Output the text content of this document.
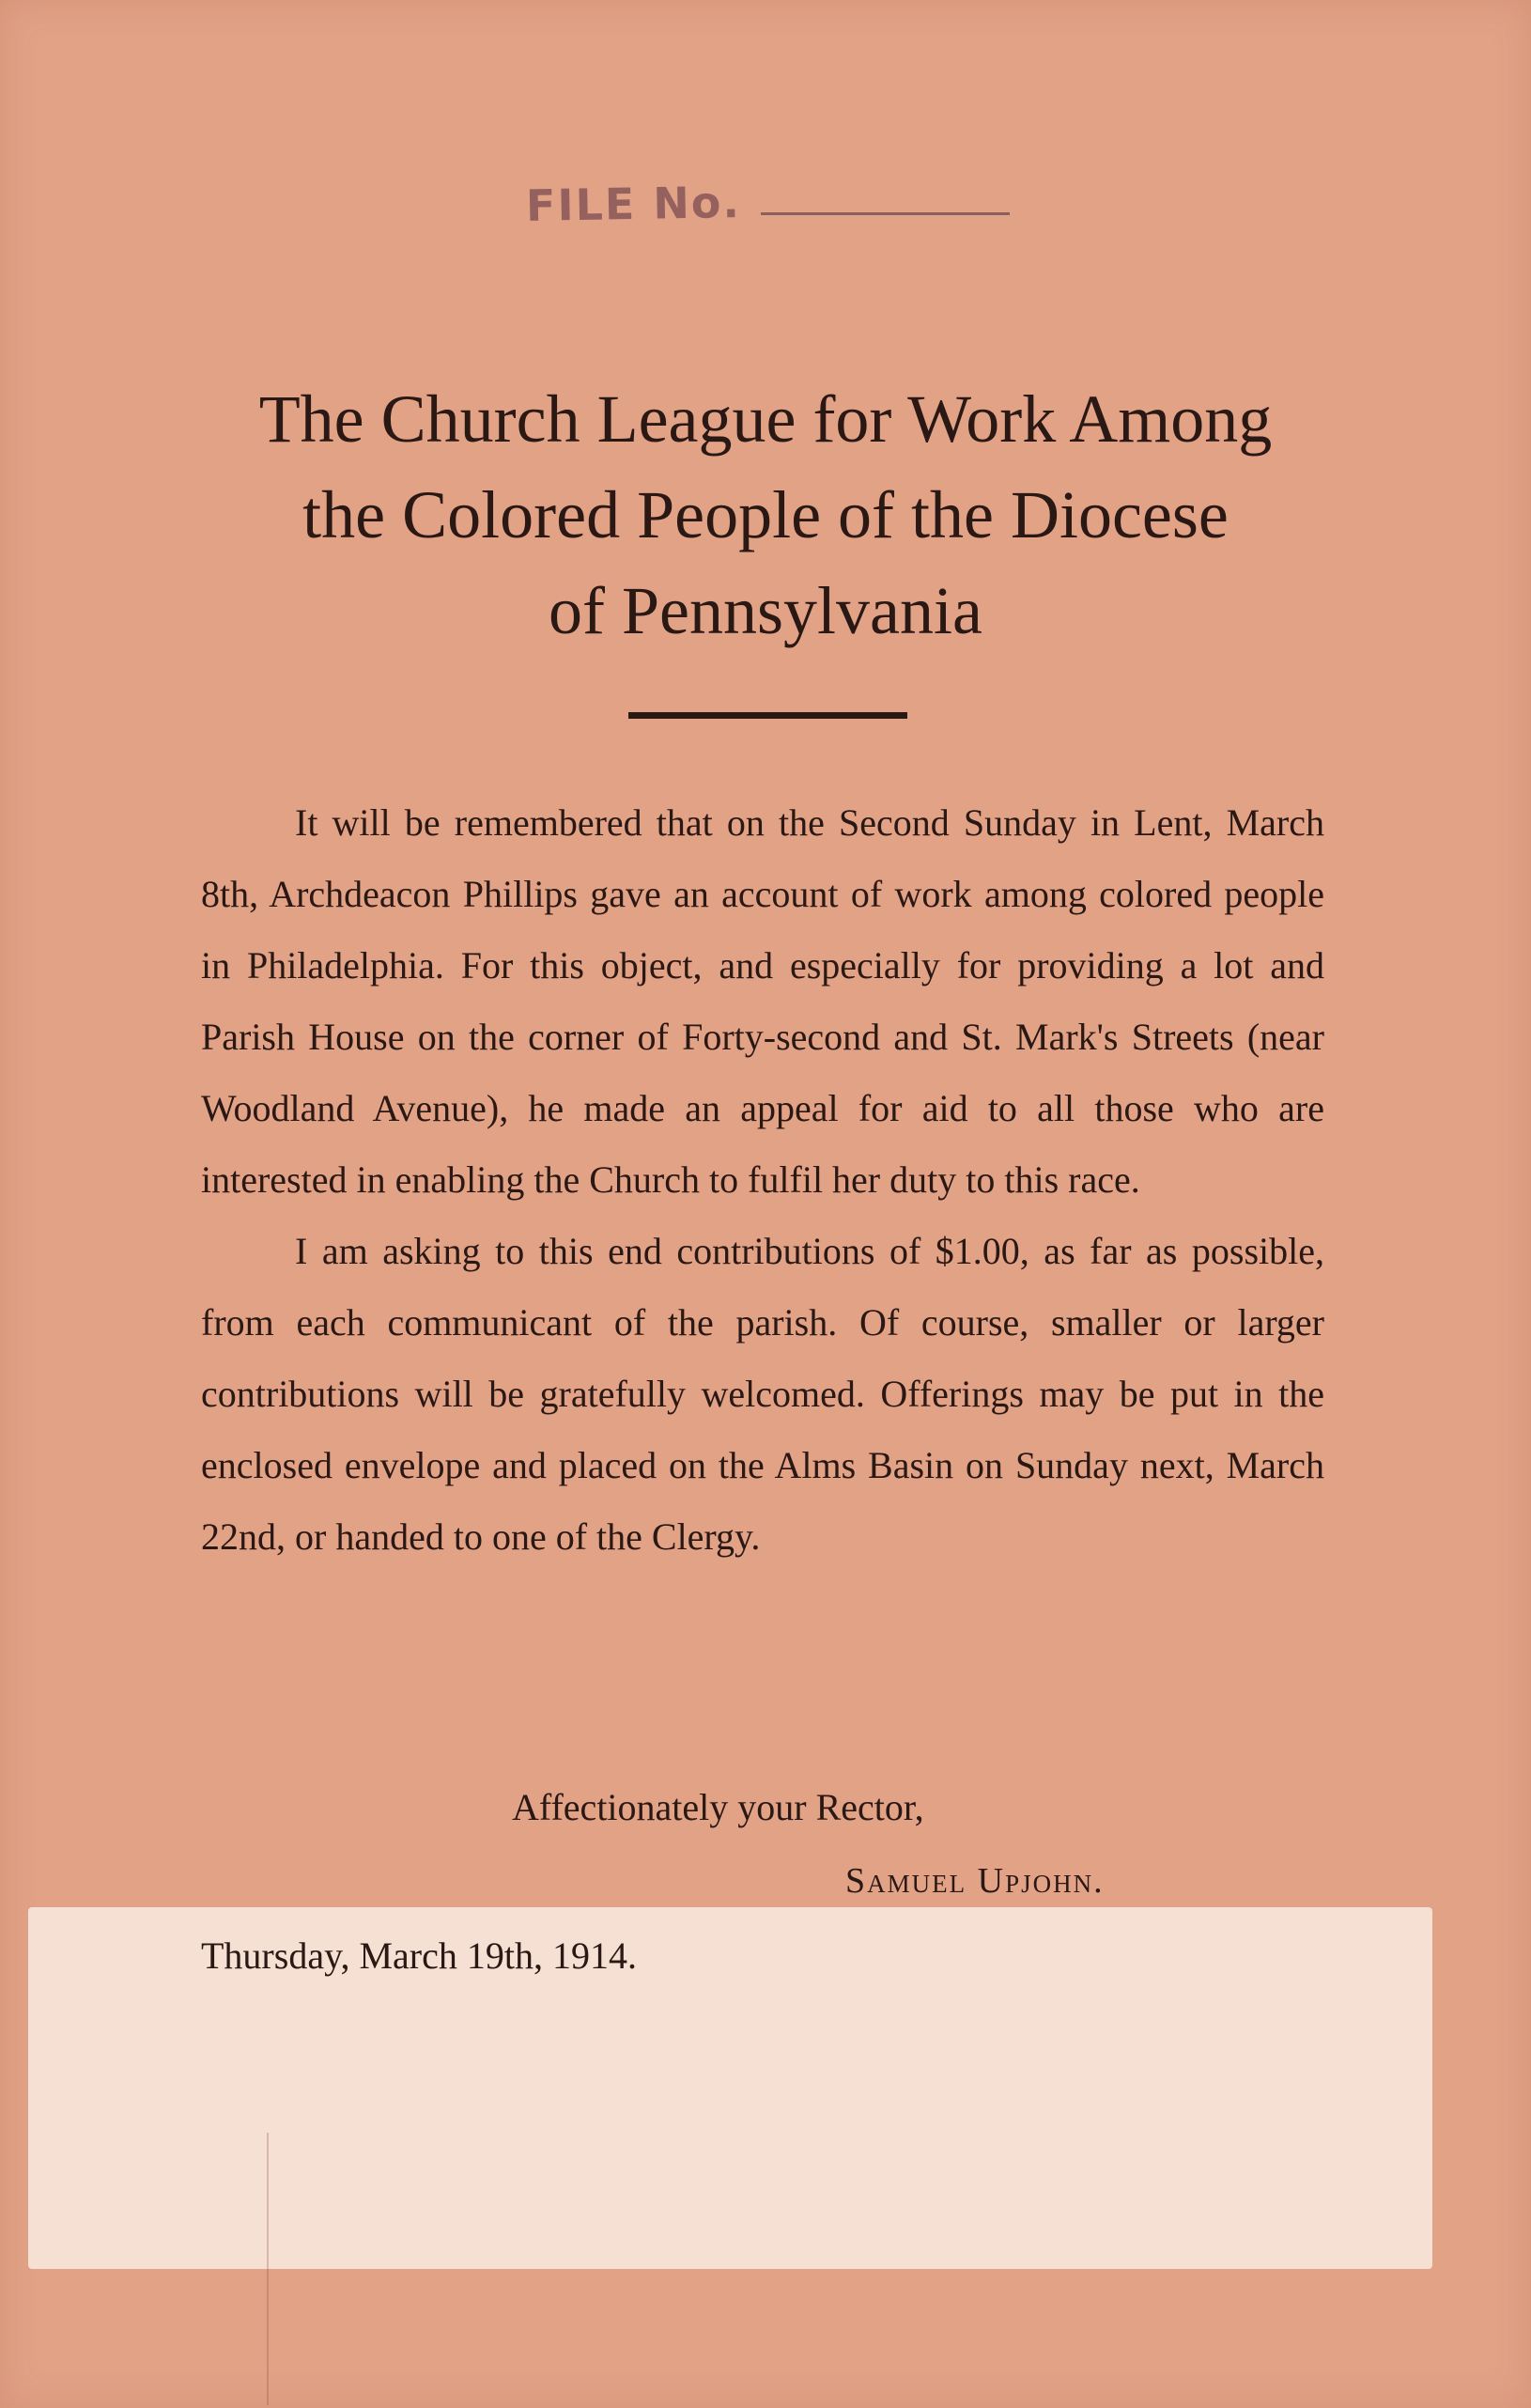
FILE No.
The Church League for Work Among
the Colored People of the Diocese
of Pennsylvania

It will be remembered that on the Second Sunday in Lent, March 8th, Archdeacon Phillips gave an account of work among colored people in Philadelphia. For this object, and especially for providing a lot and Parish House on the corner of Forty-second and St. Mark's Streets (near Woodland Avenue), he made an appeal for aid to all those who are interested in enabling the Church to fulfil her duty to this race.

I am asking to this end contributions of $1.00, as far as possible, from each communicant of the parish. Of course, smaller or larger contributions will be gratefully welcomed. Offerings may be put in the enclosed envelope and placed on the Alms Basin on Sunday next, March 22nd, or handed to one of the Clergy.

Affectionately your Rector,
Samuel Upjohn.
Thursday, March 19th, 1914.
